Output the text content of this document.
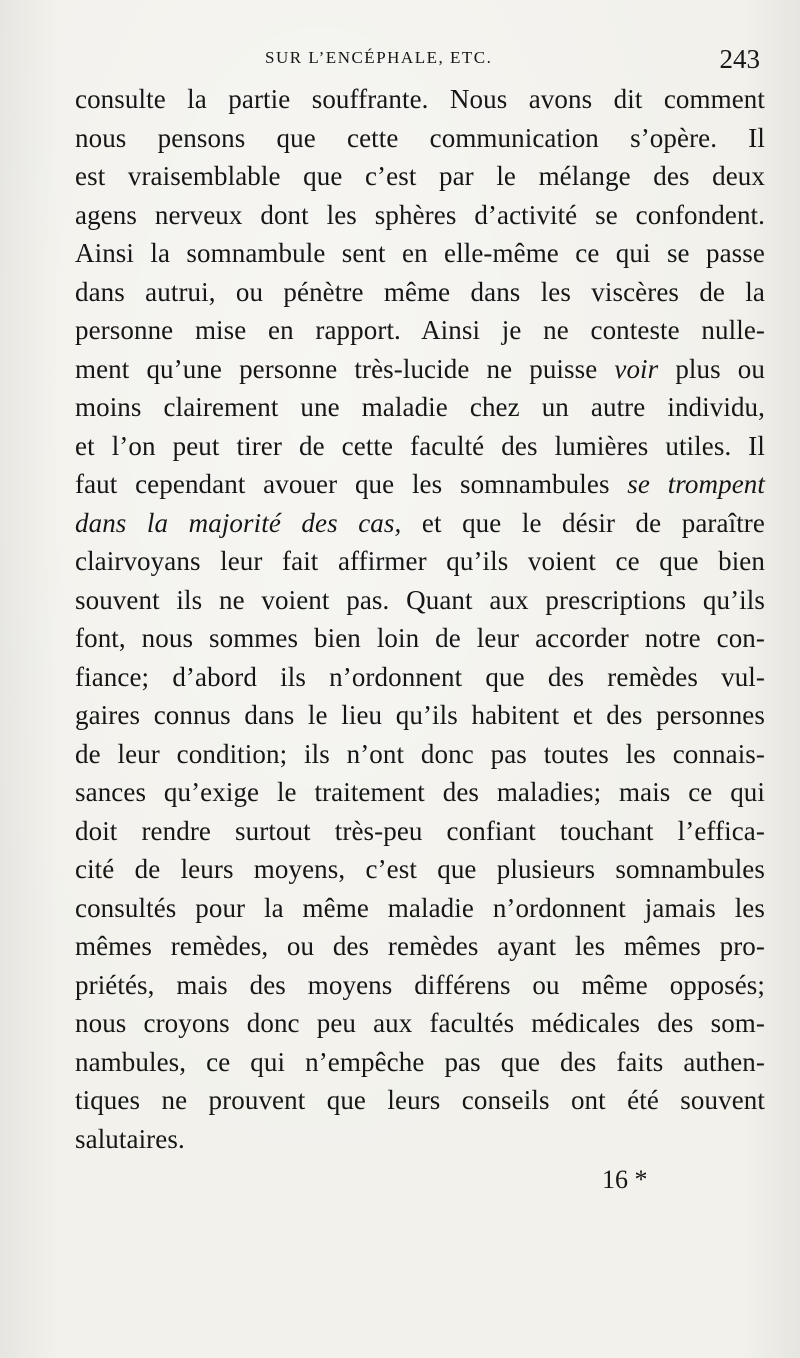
SUR L’ENCÉPHALE, ETC.	243
consulte la partie souffrante. Nous avons dit comment
nous pensons que cette communication s’opère. Il
est vraisemblable que c’est par le mélange des deux
agens nerveux dont les sphères d’activité se confondent.
Ainsi la somnambule sent en elle-même ce qui se passe
dans autrui, ou pénètre même dans les viscères de la
personne mise en rapport. Ainsi je ne conteste nulle-
ment qu’une personne très-lucide ne puisse voir plus ou
moins clairement une maladie chez un autre individu,
et l’on peut tirer de cette faculté des lumières utiles. Il
faut cependant avouer que les somnambules se trompent
dans la majorité des cas, et que le désir de paraître
clairvoyans leur fait affirmer qu’ils voient ce que bien
souvent ils ne voient pas. Quant aux prescriptions qu’ils
font, nous sommes bien loin de leur accorder notre con-
fiance; d’abord ils n’ordonnent que des remèdes vul-
gaires connus dans le lieu qu’ils habitent et des personnes
de leur condition; ils n’ont donc pas toutes les connais-
sances qu’exige le traitement des maladies; mais ce qui
doit rendre surtout très-peu confiant touchant l’effica-
cité de leurs moyens, c’est que plusieurs somnambules
consultés pour la même maladie n’ordonnent jamais les
mêmes remèdes, ou des remèdes ayant les mêmes pro-
priétés, mais des moyens différens ou même opposés;
nous croyons donc peu aux facultés médicales des som-
nambules, ce qui n’empêche pas que des faits authen-
tiques ne prouvent que leurs conseils ont été souvent
salutaires.
16 *
